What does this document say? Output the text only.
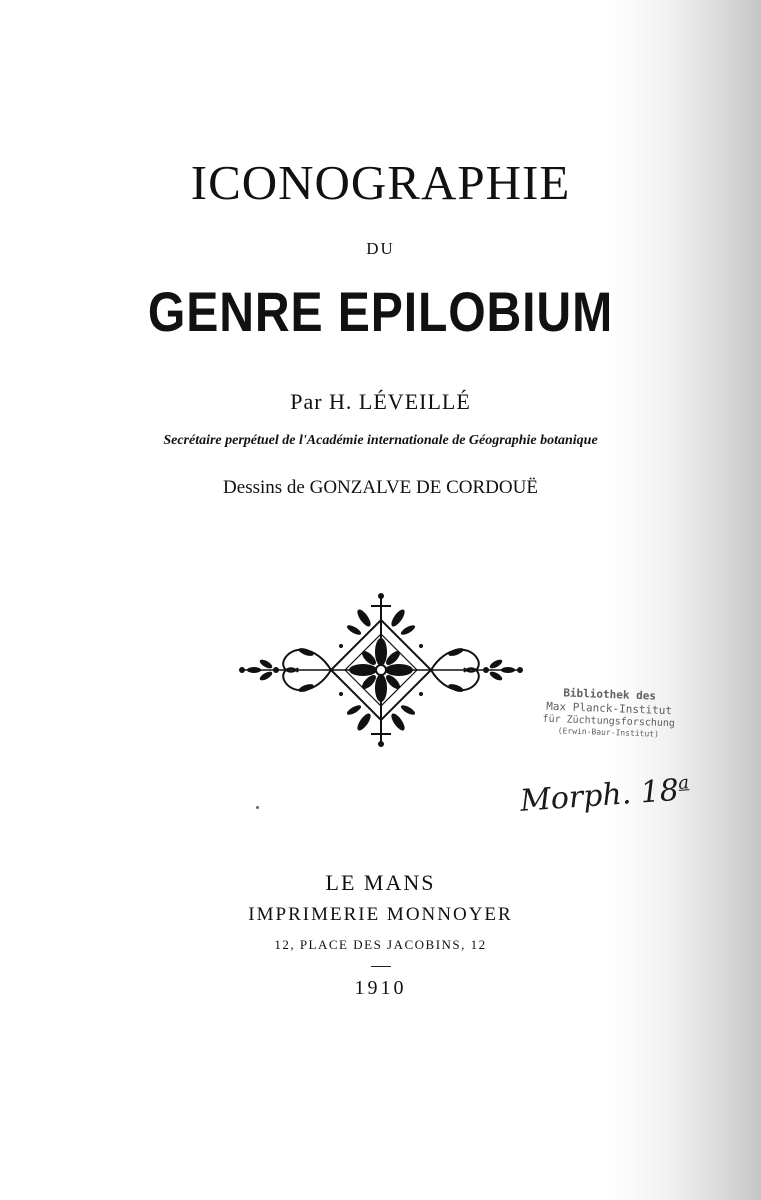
ICONOGRAPHIE
DU
GENRE EPILOBIUM
Par H. LÉVEILLÉ
Secrétaire perpétuel de l'Académie internationale de Géographie botanique
Dessins de GONZALVE DE CORDOUË
Bibliothek des
Max Planck-Institut
für Züchtungsforschung
(Erwin-Baur-Institut)
Morph. 18$^a$
LE MANS
IMPRIMERIE MONNOYER
12, PLACE DES JACOBINS, 12
1910
